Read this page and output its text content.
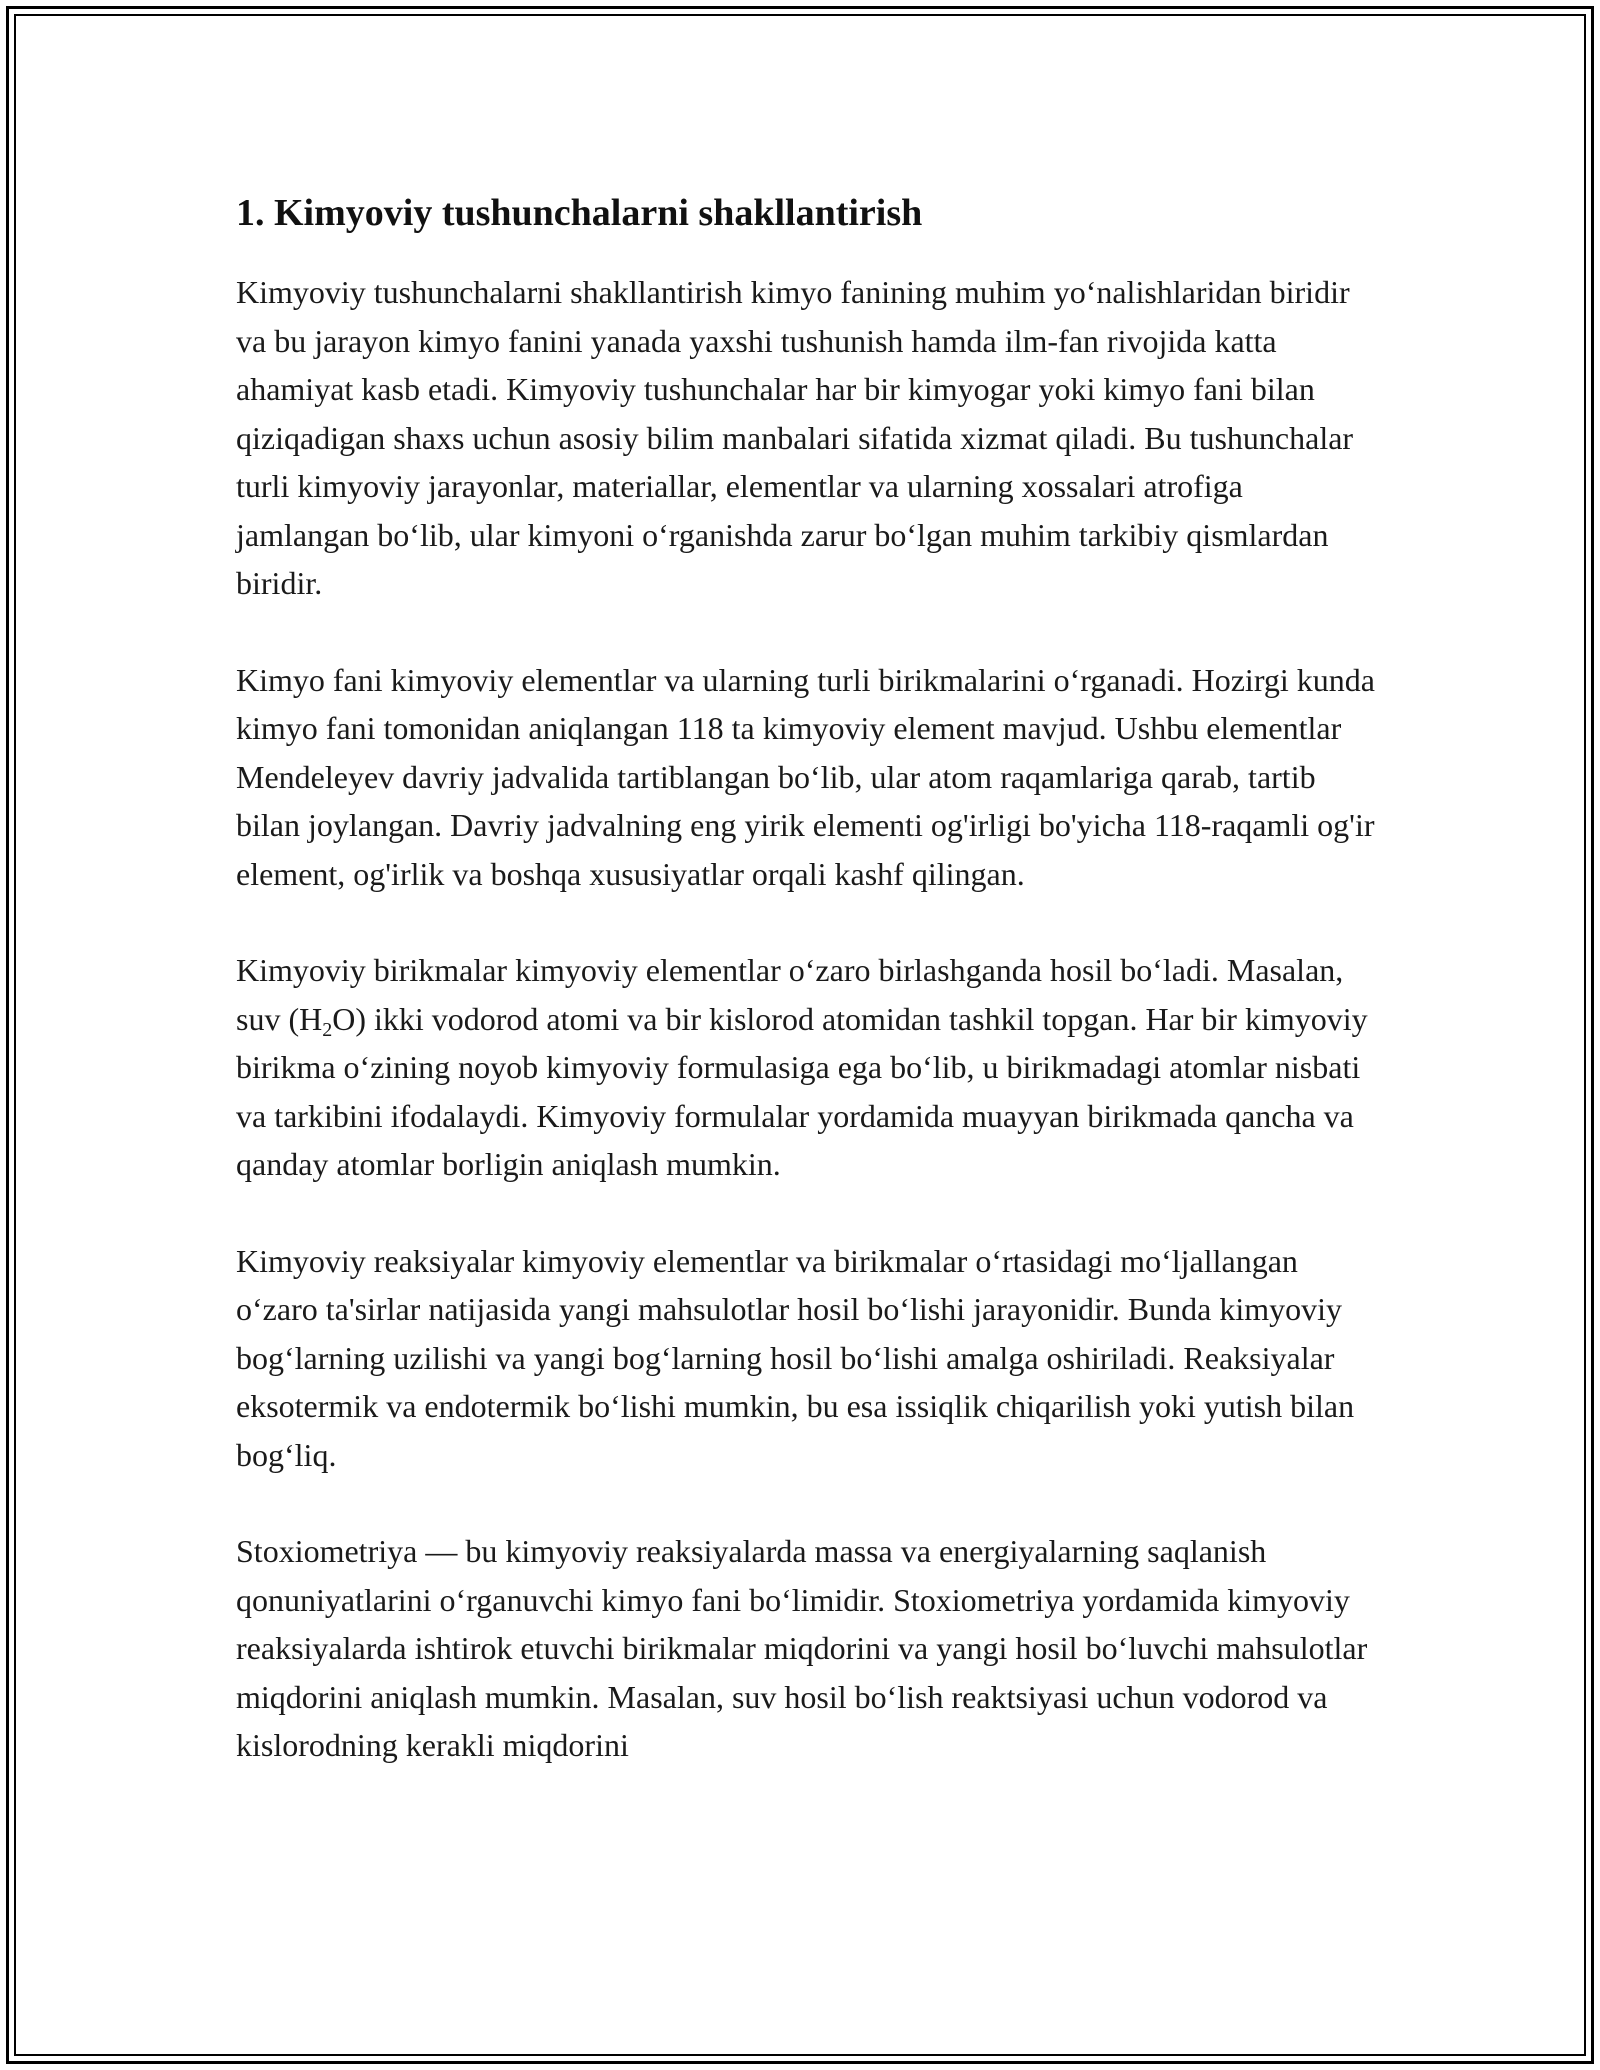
1. Kimyoviy tushunchalarni shakllantirish

Kimyoviy tushunchalarni shakllantirish kimyo fanining muhim yo‘nalishlaridan biridir va bu jarayon kimyo fanini yanada yaxshi tushunish hamda ilm-fan rivojida katta ahamiyat kasb etadi. Kimyoviy tushunchalar har bir kimyogar yoki kimyo fani bilan qiziqadigan shaxs uchun asosiy bilim manbalari sifatida xizmat qiladi. Bu tushunchalar turli kimyoviy jarayonlar, materiallar, elementlar va ularning xossalari atrofiga jamlangan bo‘lib, ular kimyoni o‘rganishda zarur bo‘lgan muhim tarkibiy qismlardan biridir.

Kimyo fani kimyoviy elementlar va ularning turli birikmalarini o‘rganadi. Hozirgi kunda kimyo fani tomonidan aniqlangan 118 ta kimyoviy element mavjud. Ushbu elementlar Mendeleyev davriy jadvalida tartiblangan bo‘lib, ular atom raqamlariga qarab, tartib bilan joylangan. Davriy jadvalning eng yirik elementi og'irligi bo'yicha 118-raqamli og'ir element, og'irlik va boshqa xususiyatlar orqali kashf qilingan.

Kimyoviy birikmalar kimyoviy elementlar o‘zaro birlashganda hosil bo‘ladi. Masalan, suv $(H_2O)$ ikki vodorod atomi va bir kislorod atomidan tashkil topgan. Har bir kimyoviy birikma o‘zining noyob kimyoviy formulasiga ega bo‘lib, u birikmadagi atomlar nisbati va tarkibini ifodalaydi. Kimyoviy formulalar yordamida muayyan birikmada qancha va qanday atomlar borligin aniqlash mumkin.

Kimyoviy reaksiyalar kimyoviy elementlar va birikmalar o‘rtasidagi mo‘ljallangan o‘zaro ta'sirlar natijasida yangi mahsulotlar hosil bo‘lishi jarayonidir. Bunda kimyoviy bog‘larning uzilishi va yangi bog‘larning hosil bo‘lishi amalga oshiriladi. Reaksiyalar eksotermik va endotermik bo‘lishi mumkin, bu esa issiqlik chiqarilish yoki yutish bilan bog‘liq.

Stoxiometriya — bu kimyoviy reaksiyalarda massa va energiyalarning saqlanish qonuniyatlarini o‘rganuvchi kimyo fani bo‘limidir. Stoxiometriya yordamida kimyoviy reaksiyalarda ishtirok etuvchi birikmalar miqdorini va yangi hosil bo‘luvchi mahsulotlar miqdorini aniqlash mumkin. Masalan, suv hosil bo‘lish reaktsiyasi uchun vodorod va kislorodning kerakli miqdorini
